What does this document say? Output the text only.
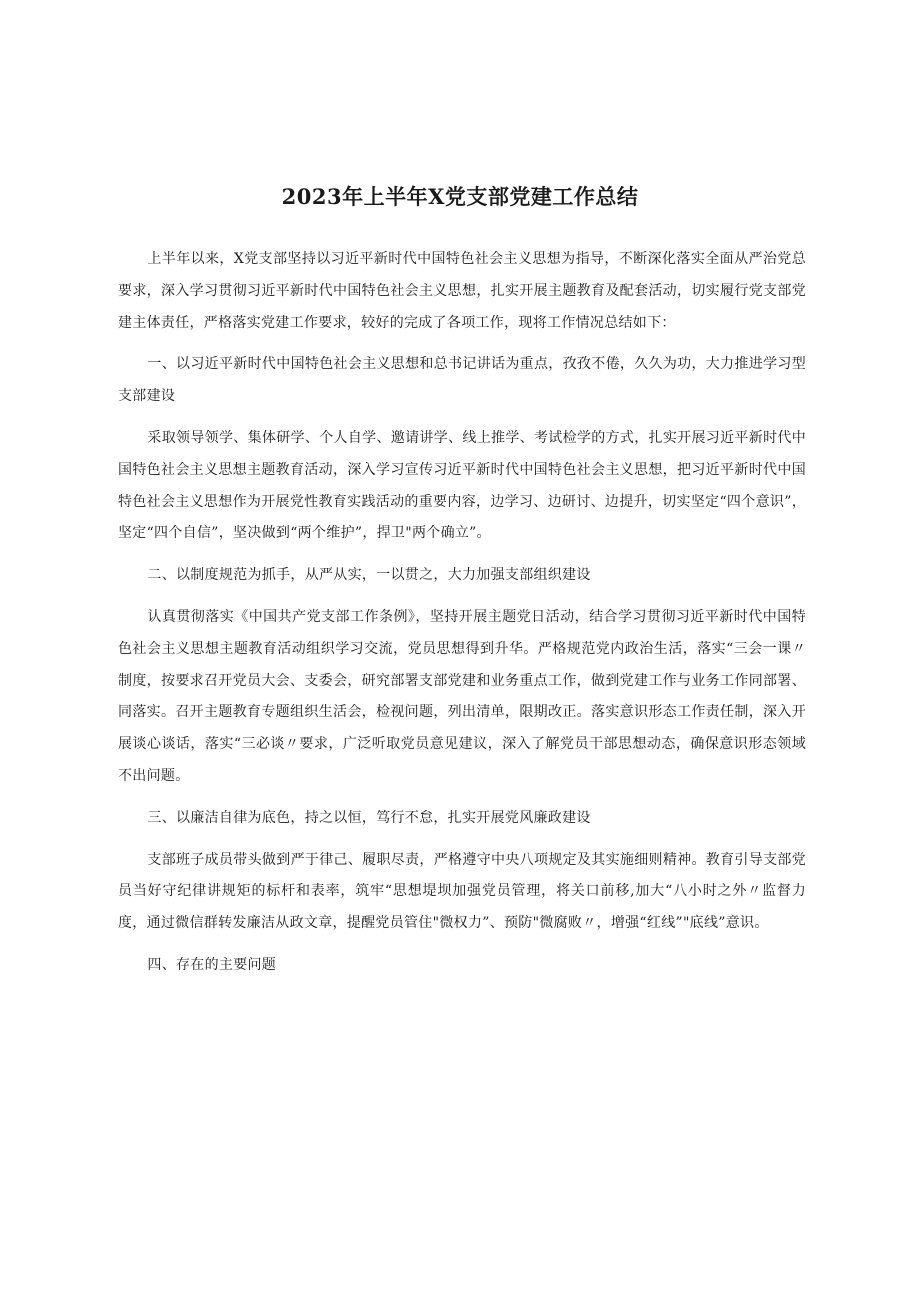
2023年上半年X党支部党建工作总结

上半年以来，X党支部坚持以习近平新时代中国特色社会主义思想为指导，不断深化落实全面从严治党总要求，深入学习贯彻习近平新时代中国特色社会主义思想，扎实开展主题教育及配套活动，切实履行党支部党建主体责任，严格落实党建工作要求，较好的完成了各项工作，现将工作情况总结如下：

一、以习近平新时代中国特色社会主义思想和总书记讲话为重点，孜孜不倦，久久为功，大力推进学习型支部建设

采取领导领学、集体研学、个人自学、邀请讲学、线上推学、考试检学的方式，扎实开展习近平新时代中国特色社会主义思想主题教育活动，深入学习宣传习近平新时代中国特色社会主义思想，把习近平新时代中国特色社会主义思想作为开展党性教育实践活动的重要内容，边学习、边研讨、边提升，切实坚定“四个意识”，坚定“四个自信”，坚决做到“两个维护”，捍卫"两个确立”。

二、以制度规范为抓手，从严从实，一以贯之，大力加强支部组织建设

认真贯彻落实《中国共产党支部工作条例》，坚持开展主题党日活动，结合学习贯彻习近平新时代中国特色社会主义思想主题教育活动组织学习交流，党员思想得到升华。严格规范党内政治生活，落实“三会一课〃制度，按要求召开党员大会、支委会，研究部署支部党建和业务重点工作，做到党建工作与业务工作同部署、同落实。召开主题教育专题组织生活会，检视问题，列出清单，限期改正。落实意识形态工作责任制，深入开展谈心谈话，落实“三必谈〃要求，广泛听取党员意见建议，深入了解党员干部思想动态，确保意识形态领域不出问题。

三、以廉洁自律为底色，持之以恒，笃行不怠，扎实开展党风廉政建设

支部班子成员带头做到严于律己、履职尽责，严格遵守中央八项规定及其实施细则精神。教育引导支部党员当好守纪律讲规矩的标杆和表率，筑牢“思想堤坝加强党员管理，将关口前移,加大“八小时之外〃监督力度，通过微信群转发廉洁从政文章，提醒党员管住"微权力”、预防"微腐败〃，增强“红线”"底线”意识。

四、存在的主要问题
